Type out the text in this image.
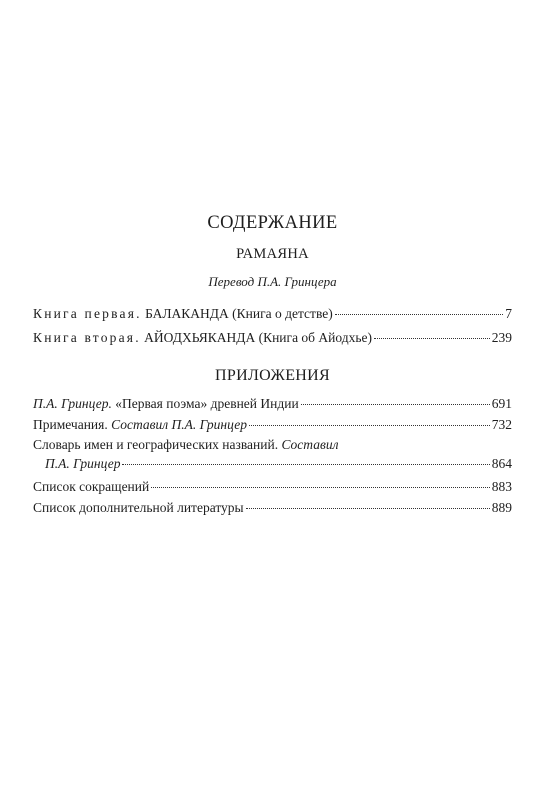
СОДЕРЖАНИЕ
РАМАЯНА
Перевод П.А. Гринцера
Книга первая. БАЛАКАНДА (Книга о детстве)	7
Книга вторая. АЙОДХЬЯКАНДА (Книга об Айодхье)	239
ПРИЛОЖЕНИЯ
П.А. Гринцер. «Первая поэма» древней Индии	691
Примечания. Составил П.А. Гринцер	732
Словарь имен и географических названий. Составил
П.А. Гринцер	864
Список сокращений	883
Список дополнительной литературы	889
